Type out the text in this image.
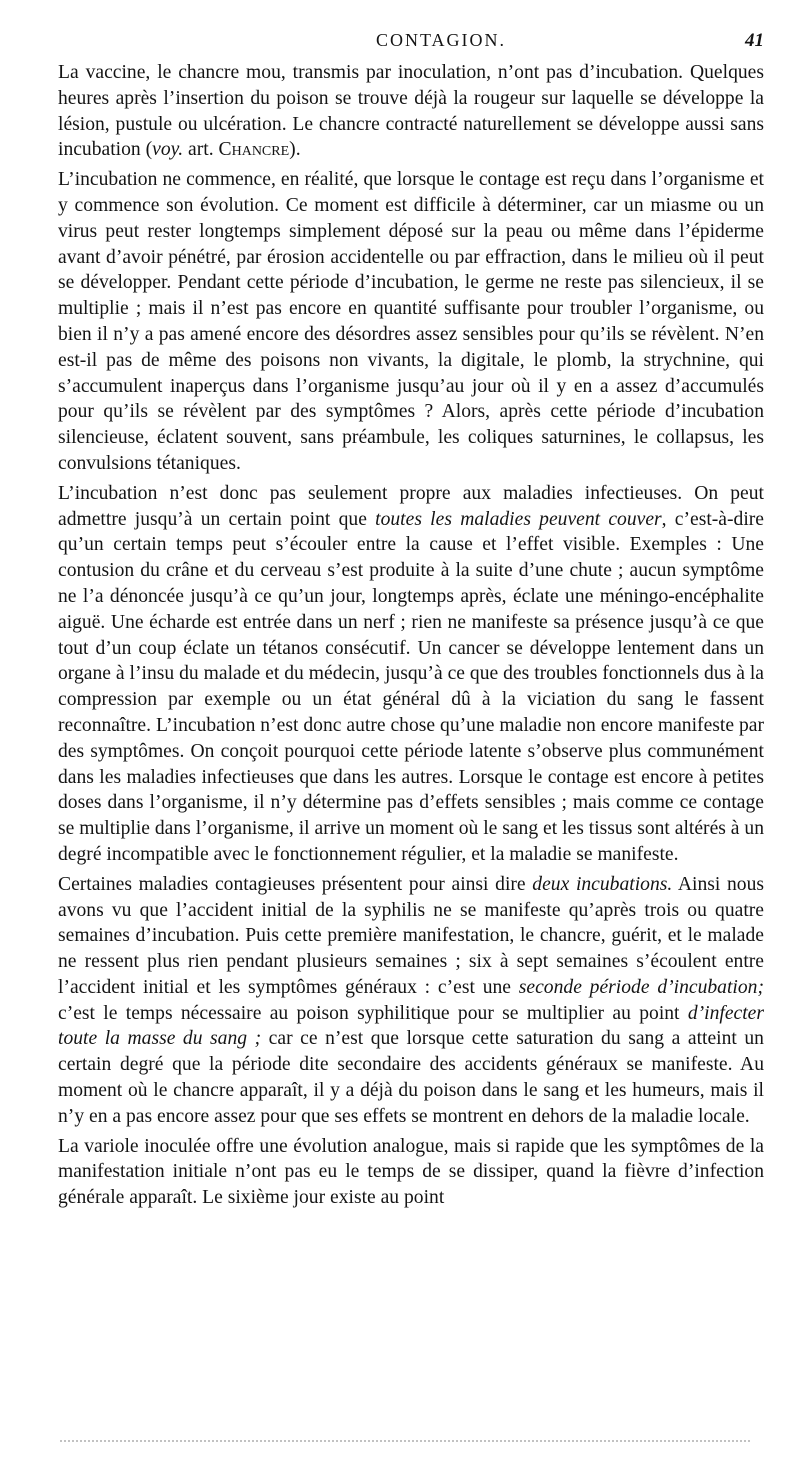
CONTAGION.	41

La vaccine, le chancre mou, transmis par inoculation, n’ont pas d’incubation. Quelques heures après l’insertion du poison se trouve déjà la rougeur sur laquelle se développe la lésion, pustule ou ulcération. Le chancre contracté naturellement se développe aussi sans incubation (voy. art. Chancre).

L’incubation ne commence, en réalité, que lorsque le contage est reçu dans l’organisme et y commence son évolution. Ce moment est difficile à déterminer, car un miasme ou un virus peut rester longtemps simplement déposé sur la peau ou même dans l’épiderme avant d’avoir pénétré, par érosion accidentelle ou par effraction, dans le milieu où il peut se développer. Pendant cette période d’incubation, le germe ne reste pas silencieux, il se multiplie ; mais il n’est pas encore en quantité suffisante pour troubler l’organisme, ou bien il n’y a pas amené encore des désordres assez sensibles pour qu’ils se révèlent. N’en est-il pas de même des poisons non vivants, la digitale, le plomb, la strychnine, qui s’accumulent inaperçus dans l’organisme jusqu’au jour où il y en a assez d’accumulés pour qu’ils se révèlent par des symptômes ? Alors, après cette période d’incubation silencieuse, éclatent souvent, sans préambule, les coliques saturnines, le collapsus, les convulsions tétaniques.

L’incubation n’est donc pas seulement propre aux maladies infectieuses. On peut admettre jusqu’à un certain point que toutes les maladies peuvent couver, c’est-à-dire qu’un certain temps peut s’écouler entre la cause et l’effet visible. Exemples : Une contusion du crâne et du cerveau s’est produite à la suite d’une chute ; aucun symptôme ne l’a dénoncée jusqu’à ce qu’un jour, longtemps après, éclate une méningo-encéphalite aiguë. Une écharde est entrée dans un nerf ; rien ne manifeste sa présence jusqu’à ce que tout d’un coup éclate un tétanos consécutif. Un cancer se développe lentement dans un organe à l’insu du malade et du médecin, jusqu’à ce que des troubles fonctionnels dus à la compression par exemple ou un état général dû à la viciation du sang le fassent reconnaître. L’incubation n’est donc autre chose qu’une maladie non encore manifeste par des symptômes. On conçoit pourquoi cette période latente s’observe plus communément dans les maladies infectieuses que dans les autres. Lorsque le contage est encore à petites doses dans l’organisme, il n’y détermine pas d’effets sensibles ; mais comme ce contage se multiplie dans l’organisme, il arrive un moment où le sang et les tissus sont altérés à un degré incompatible avec le fonctionnement régulier, et la maladie se manifeste.

Certaines maladies contagieuses présentent pour ainsi dire deux incubations. Ainsi nous avons vu que l’accident initial de la syphilis ne se manifeste qu’après trois ou quatre semaines d’incubation. Puis cette première manifestation, le chancre, guérit, et le malade ne ressent plus rien pendant plusieurs semaines ; six à sept semaines s’écoulent entre l’accident initial et les symptômes généraux : c’est une seconde période d’incubation; c’est le temps nécessaire au poison syphilitique pour se multiplier au point d’infecter toute la masse du sang ; car ce n’est que lorsque cette saturation du sang a atteint un certain degré que la période dite secondaire des accidents généraux se manifeste. Au moment où le chancre apparaît, il y a déjà du poison dans le sang et les humeurs, mais il n’y en a pas encore assez pour que ses effets se montrent en dehors de la maladie locale.

La variole inoculée offre une évolution analogue, mais si rapide que les symptômes de la manifestation initiale n’ont pas eu le temps de se dissiper, quand la fièvre d’infection générale apparaît. Le sixième jour existe au point
